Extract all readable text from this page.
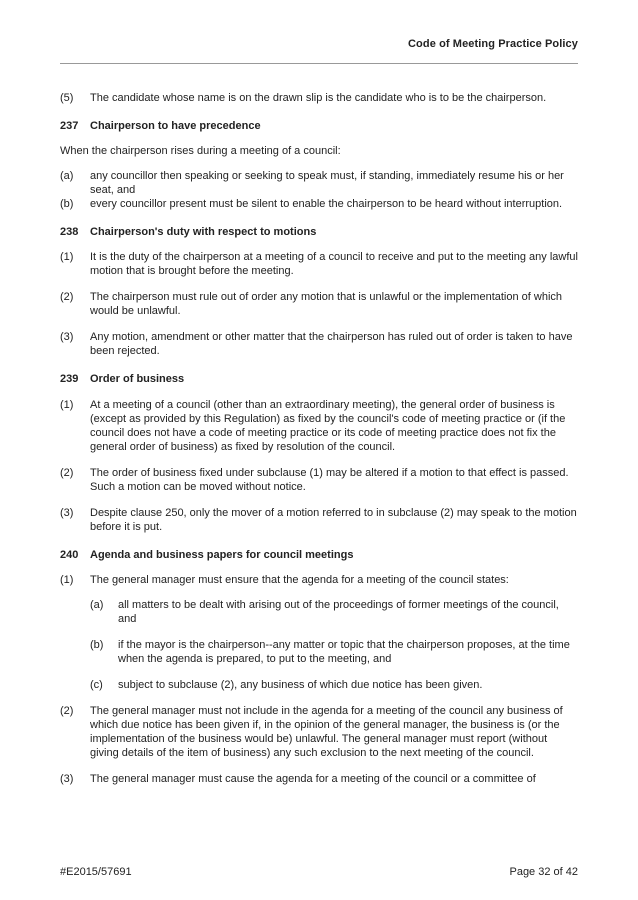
Code of Meeting Practice Policy
(5) The candidate whose name is on the drawn slip is the candidate who is to be the chairperson.
237 Chairperson to have precedence
When the chairperson rises during a meeting of a council:
(a) any councillor then speaking or seeking to speak must, if standing, immediately resume his or her seat, and
(b) every councillor present must be silent to enable the chairperson to be heard without interruption.
238 Chairperson's duty with respect to motions
(1) It is the duty of the chairperson at a meeting of a council to receive and put to the meeting any lawful motion that is brought before the meeting.
(2) The chairperson must rule out of order any motion that is unlawful or the implementation of which would be unlawful.
(3) Any motion, amendment or other matter that the chairperson has ruled out of order is taken to have been rejected.
239 Order of business
(1) At a meeting of a council (other than an extraordinary meeting), the general order of business is (except as provided by this Regulation) as fixed by the council's code of meeting practice or (if the council does not have a code of meeting practice or its code of meeting practice does not fix the general order of business) as fixed by resolution of the council.
(2) The order of business fixed under subclause (1) may be altered if a motion to that effect is passed. Such a motion can be moved without notice.
(3) Despite clause 250, only the mover of a motion referred to in subclause (2) may speak to the motion before it is put.
240 Agenda and business papers for council meetings
(1) The general manager must ensure that the agenda for a meeting of the council states:
(a) all matters to be dealt with arising out of the proceedings of former meetings of the council, and
(b) if the mayor is the chairperson--any matter or topic that the chairperson proposes, at the time when the agenda is prepared, to put to the meeting, and
(c) subject to subclause (2), any business of which due notice has been given.
(2) The general manager must not include in the agenda for a meeting of the council any business of which due notice has been given if, in the opinion of the general manager, the business is (or the implementation of the business would be) unlawful. The general manager must report (without giving details of the item of business) any such exclusion to the next meeting of the council.
(3) The general manager must cause the agenda for a meeting of the council or a committee of
#E2015/57691	Page 32 of 42
